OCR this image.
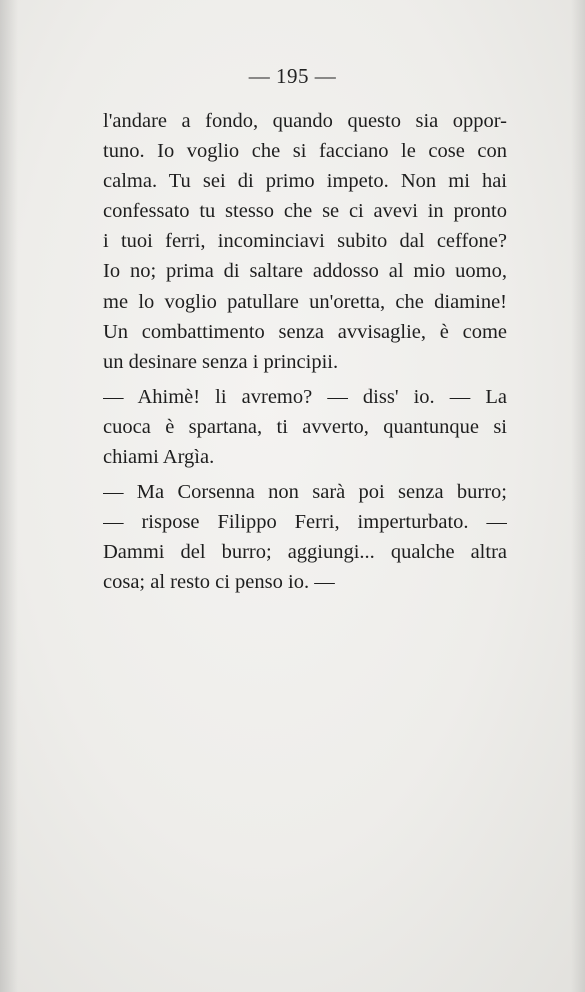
— 195 —
l'andare a fondo, quando questo sia oppor-
tuno. Io voglio che si facciano le cose con
calma. Tu sei di primo impeto. Non mi hai
confessato tu stesso che se ci avevi in pronto
i tuoi ferri, incominciavi subito dal ceffone?
Io no; prima di saltare addosso al mio uomo,
me lo voglio patullare un'oretta, che diamine!
Un combattimento senza avvisaglie, è come
un desinare senza i principii.
— Ahimè! li avremo? — diss' io. — La
cuoca è spartana, ti avverto, quantunque si
chiami Argìa.
— Ma Corsenna non sarà poi senza burro;
— rispose Filippo Ferri, imperturbato. —
Dammi del burro; aggiungi... qualche altra
cosa; al resto ci penso io. —
